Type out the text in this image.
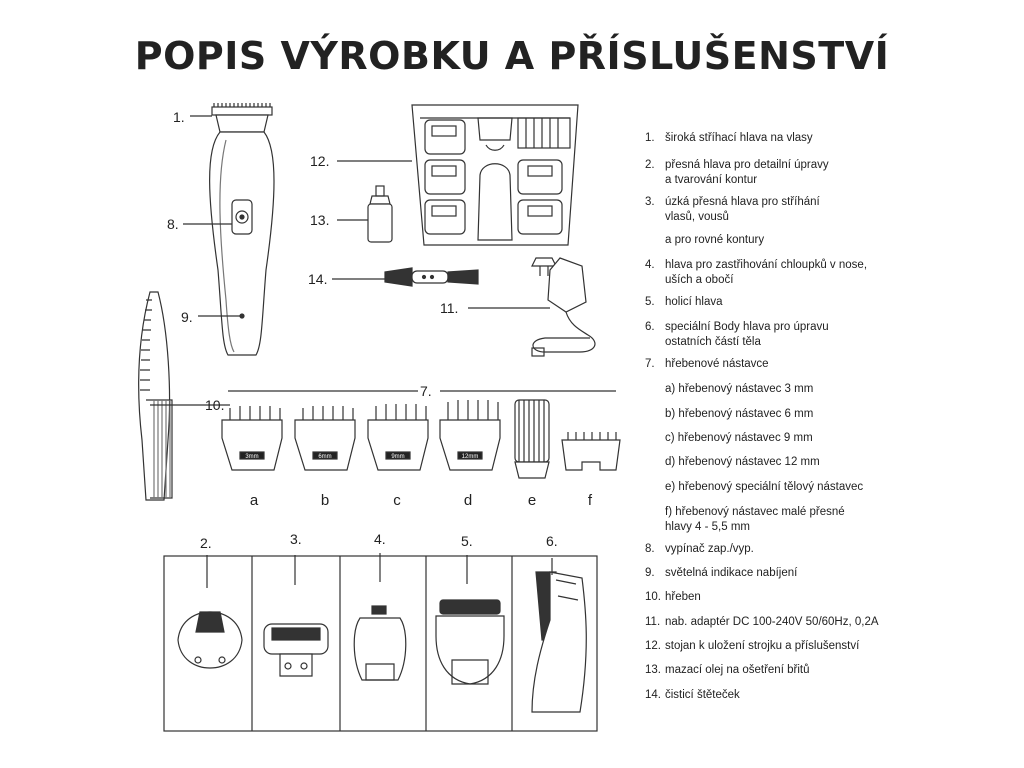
POPIS VÝROBKU A PŘÍSLUŠENSTVÍ
1.
8.
9.
10.
12.
13.
14.
11.
7.
2.	3.	4.	5.	6.
3mm	6mm	9mm	12mm
a	b	c	d	e	f
1. široká stříhací hlava na vlasy
2. přesná hlava pro detailní úpravy
a tvarování kontur
3. úzká přesná hlava pro stříhání
vlasů, vousů
a pro rovné kontury
4. hlava pro zastřihování chloupků v nose,
uších a obočí
5. holicí hlava
6. speciální Body hlava pro úpravu
ostatních částí těla
7. hřebenové nástavce
a) hřebenový nástavec 3 mm
b) hřebenový nástavec 6 mm
c) hřebenový nástavec 9 mm
d) hřebenový nástavec 12 mm
e) hřebenový speciální tělový nástavec
f) hřebenový nástavec malé přesné
hlavy 4 - 5,5 mm
8. vypínač zap./vyp.
9. světelná indikace nabíjení
10. hřeben
11. nab. adaptér DC 100-240V 50/60Hz, 0,2A
12. stojan k uložení strojku a příslušenství
13. mazací olej na ošetření břitů
14. čisticí štěteček
